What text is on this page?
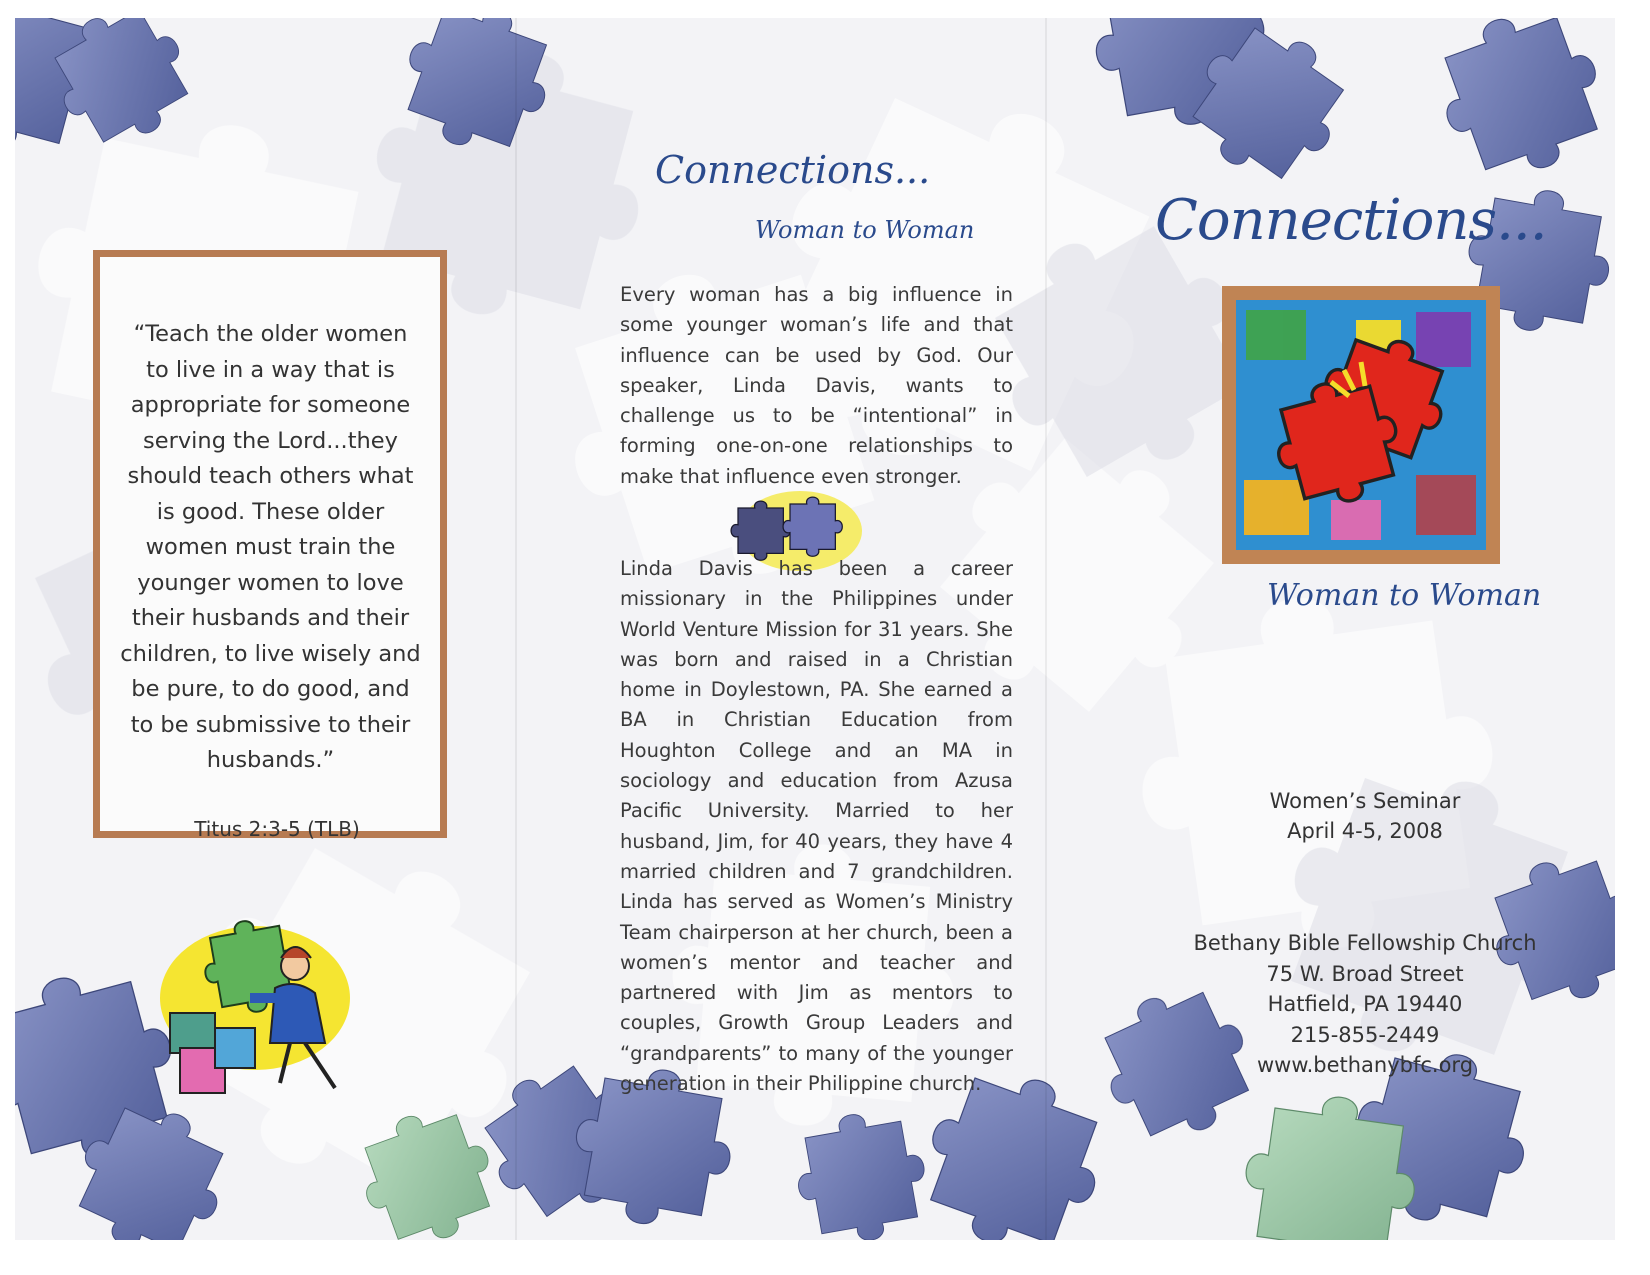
“Teach the older women
to live in a way that is
appropriate for someone
serving the Lord...they
should teach others what
is good. These older
women must train the
younger women to love
their husbands and their
children, to live wisely and
be pure, to do good, and
to be submissive to their
husbands.”
Titus 2:3-5 (TLB)
Connections...
Woman to Woman

Every woman has a big influence in some younger woman’s life and that influence can be used by God. Our speaker, Linda Davis, wants to challenge us to be “intentional” in forming one-on-one relationships to make that influence even stronger.

Linda Davis has been a career missionary in the Philippines under World Venture Mission for 31 years. She was born and raised in a Christian home in Doylestown, PA. She earned a BA in Christian Education from Houghton College and an MA in sociology and education from Azusa Pacific University. Married to her husband, Jim, for 40 years, they have 4 married children and 7 grandchildren. Linda has served as Women’s Ministry Team chairperson at her church, been a women’s mentor and teacher and partnered with Jim as mentors to couples, Growth Group Leaders and “grandparents” to many of the younger generation in their Philippine church.

Connections...
Woman to Woman
Women’s Seminar
April 4-5, 2008
Bethany Bible Fellowship Church
75 W. Broad Street
Hatfield, PA 19440
215-855-2449
www.bethanybfc.org
